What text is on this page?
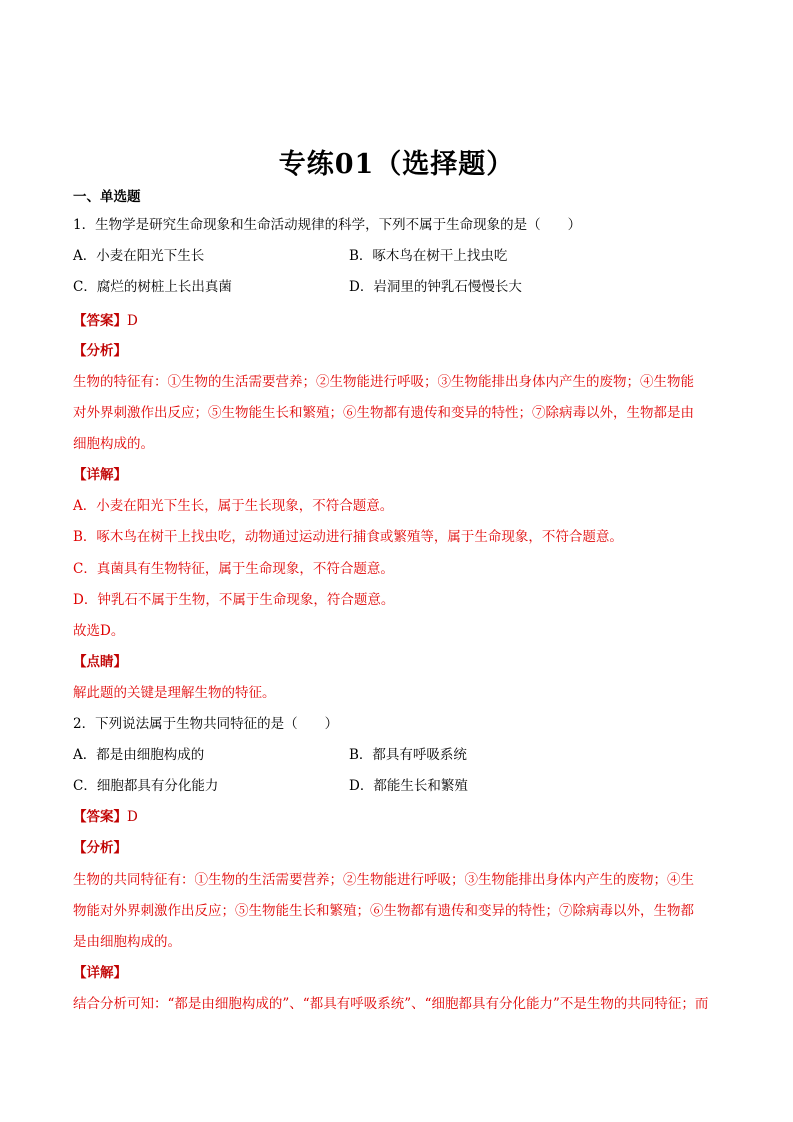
专练01（选择题）
一、单选题
1．生物学是研究生命现象和生命活动规律的科学，下列不属于生命现象的是（　　）
A．小麦在阳光下生长	B．啄木鸟在树干上找虫吃
C．腐烂的树桩上长出真菌	D．岩洞里的钟乳石慢慢长大
【答案】D
【分析】
生物的特征有：①生物的生活需要营养；②生物能进行呼吸；③生物能排出身体内产生的废物；④生物能
对外界刺激作出反应；⑤生物能生长和繁殖；⑥生物都有遗传和变异的特性；⑦除病毒以外，生物都是由
细胞构成的。
【详解】
A．小麦在阳光下生长，属于生长现象，不符合题意。
B．啄木鸟在树干上找虫吃，动物通过运动进行捕食或繁殖等，属于生命现象，不符合题意。
C．真菌具有生物特征，属于生命现象，不符合题意。
D．钟乳石不属于生物，不属于生命现象，符合题意。
故选D。
【点睛】
解此题的关键是理解生物的特征。
2．下列说法属于生物共同特征的是（　　）
A．都是由细胞构成的	B．都具有呼吸系统
C．细胞都具有分化能力	D．都能生长和繁殖
【答案】D
【分析】
生物的共同特征有：①生物的生活需要营养；②生物能进行呼吸；③生物能排出身体内产生的废物；④生
物能对外界刺激作出反应；⑤生物能生长和繁殖；⑥生物都有遗传和变异的特性；⑦除病毒以外，生物都
是由细胞构成的。
【详解】
结合分析可知：“都是由细胞构成的”、“都具有呼吸系统”、“细胞都具有分化能力”不是生物的共同特征；而
